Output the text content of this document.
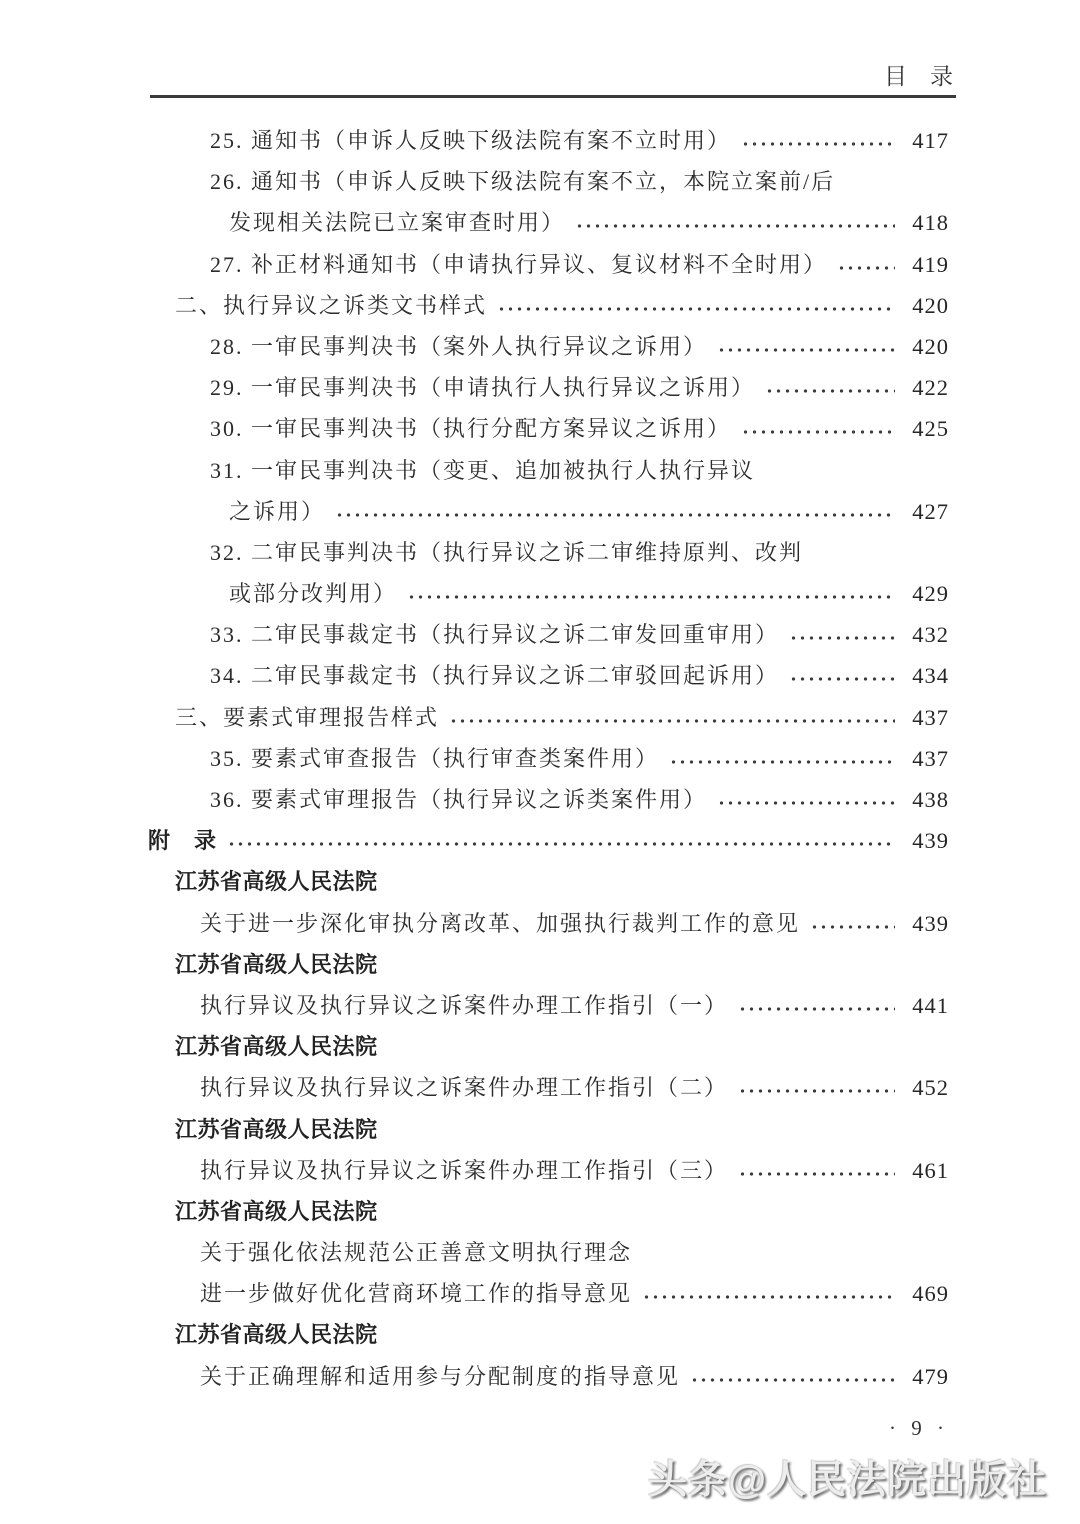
目　录
25. 通知书（申诉人反映下级法院有案不立时用）	417
26. 通知书（申诉人反映下级法院有案不立，本院立案前/后
发现相关法院已立案审查时用）	418
27. 补正材料通知书（申请执行异议、复议材料不全时用）	419
二、执行异议之诉类文书样式	420
28. 一审民事判决书（案外人执行异议之诉用）	420
29. 一审民事判决书（申请执行人执行异议之诉用）	422
30. 一审民事判决书（执行分配方案异议之诉用）	425
31. 一审民事判决书（变更、追加被执行人执行异议
之诉用）	427
32. 二审民事判决书（执行异议之诉二审维持原判、改判
或部分改判用）	429
33. 二审民事裁定书（执行异议之诉二审发回重审用）	432
34. 二审民事裁定书（执行异议之诉二审驳回起诉用）	434
三、要素式审理报告样式	437
35. 要素式审查报告（执行审查类案件用）	437
36. 要素式审理报告（执行异议之诉类案件用）	438
附　录	439
江苏省高级人民法院
关于进一步深化审执分离改革、加强执行裁判工作的意见	439
江苏省高级人民法院
执行异议及执行异议之诉案件办理工作指引（一）	441
江苏省高级人民法院
执行异议及执行异议之诉案件办理工作指引（二）	452
江苏省高级人民法院
执行异议及执行异议之诉案件办理工作指引（三）	461
江苏省高级人民法院
关于强化依法规范公正善意文明执行理念
进一步做好优化营商环境工作的指导意见	469
江苏省高级人民法院
关于正确理解和适用参与分配制度的指导意见	479
· 9 ·
头条@人民法院出版社
